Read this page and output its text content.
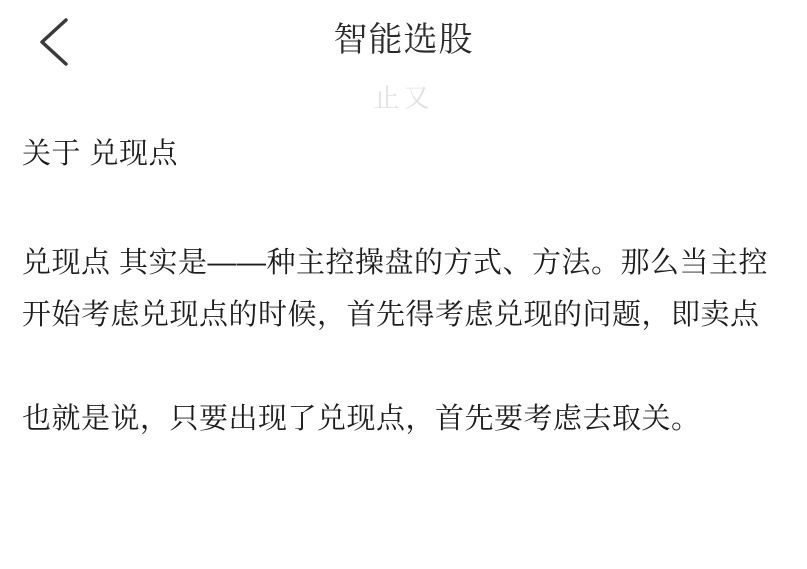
智能选股
止又
关于 兑现点
兑现点 其实是——种主控操盘的方式、方法。那么当主控开始考虑兑现点的时候，首先得考虑兑现的问题，即卖点
也就是说，只要出现了兑现点，首先要考虑去取关。
